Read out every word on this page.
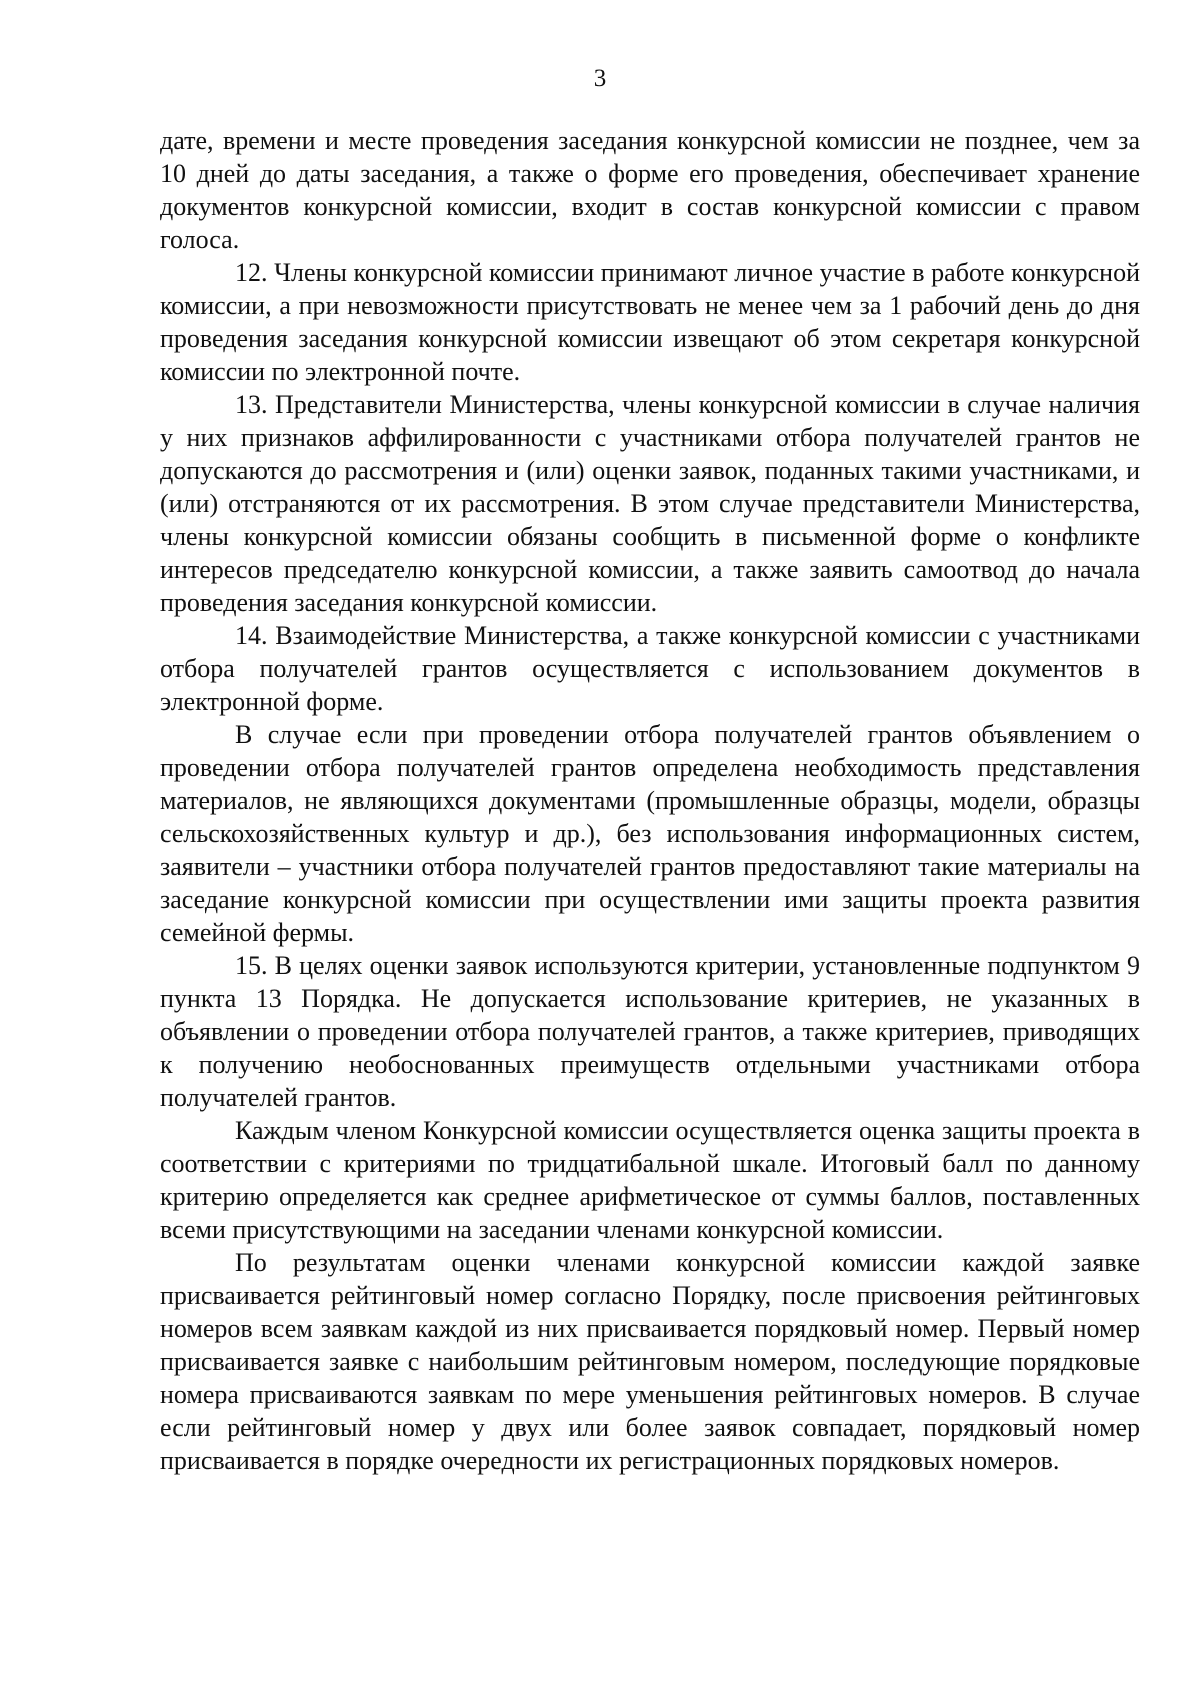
3

дате, времени и месте проведения заседания конкурсной комиссии не позднее, чем за 10 дней до даты заседания, а также о форме его проведения, обеспечивает хранение документов конкурсной комиссии, входит в состав конкурсной комиссии с правом голоса.

12. Члены конкурсной комиссии принимают личное участие в работе конкурсной комиссии, а при невозможности присутствовать не менее чем за 1 рабочий день до дня проведения заседания конкурсной комиссии извещают об этом секретаря конкурсной комиссии по электронной почте.

13. Представители Министерства, члены конкурсной комиссии в случае наличия у них признаков аффилированности с участниками отбора получателей грантов не допускаются до рассмотрения и (или) оценки заявок, поданных такими участниками, и (или) отстраняются от их рассмотрения. В этом случае представители Министерства, члены конкурсной комиссии обязаны сообщить в письменной форме о конфликте интересов председателю конкурсной комиссии, а также заявить самоотвод до начала проведения заседания конкурсной комиссии.

14. Взаимодействие Министерства, а также конкурсной комиссии с участниками отбора получателей грантов осуществляется с использованием документов в электронной форме.

В случае если при проведении отбора получателей грантов объявлением о проведении отбора получателей грантов определена необходимость представления материалов, не являющихся документами (промышленные образцы, модели, образцы сельскохозяйственных культур и др.), без использования информационных систем, заявители – участники отбора получателей грантов предоставляют такие материалы на заседание конкурсной комиссии при осуществлении ими защиты проекта развития семейной фермы.

15. В целях оценки заявок используются критерии, установленные подпунктом 9 пункта 13 Порядка. Не допускается использование критериев, не указанных в объявлении о проведении отбора получателей грантов, а также критериев, приводящих к получению необоснованных преимуществ отдельными участниками отбора получателей грантов.

Каждым членом Конкурсной комиссии осуществляется оценка защиты проекта в соответствии с критериями по тридцатибальной шкале. Итоговый балл по данному критерию определяется как среднее арифметическое от суммы баллов, поставленных всеми присутствующими на заседании членами конкурсной комиссии.

По результатам оценки членами конкурсной комиссии каждой заявке присваивается рейтинговый номер согласно Порядку, после присвоения рейтинговых номеров всем заявкам каждой из них присваивается порядковый номер. Первый номер присваивается заявке с наибольшим рейтинговым номером, последующие порядковые номера присваиваются заявкам по мере уменьшения рейтинговых номеров. В случае если рейтинговый номер у двух или более заявок совпадает, порядковый номер присваивается в порядке очередности их регистрационных порядковых номеров.
